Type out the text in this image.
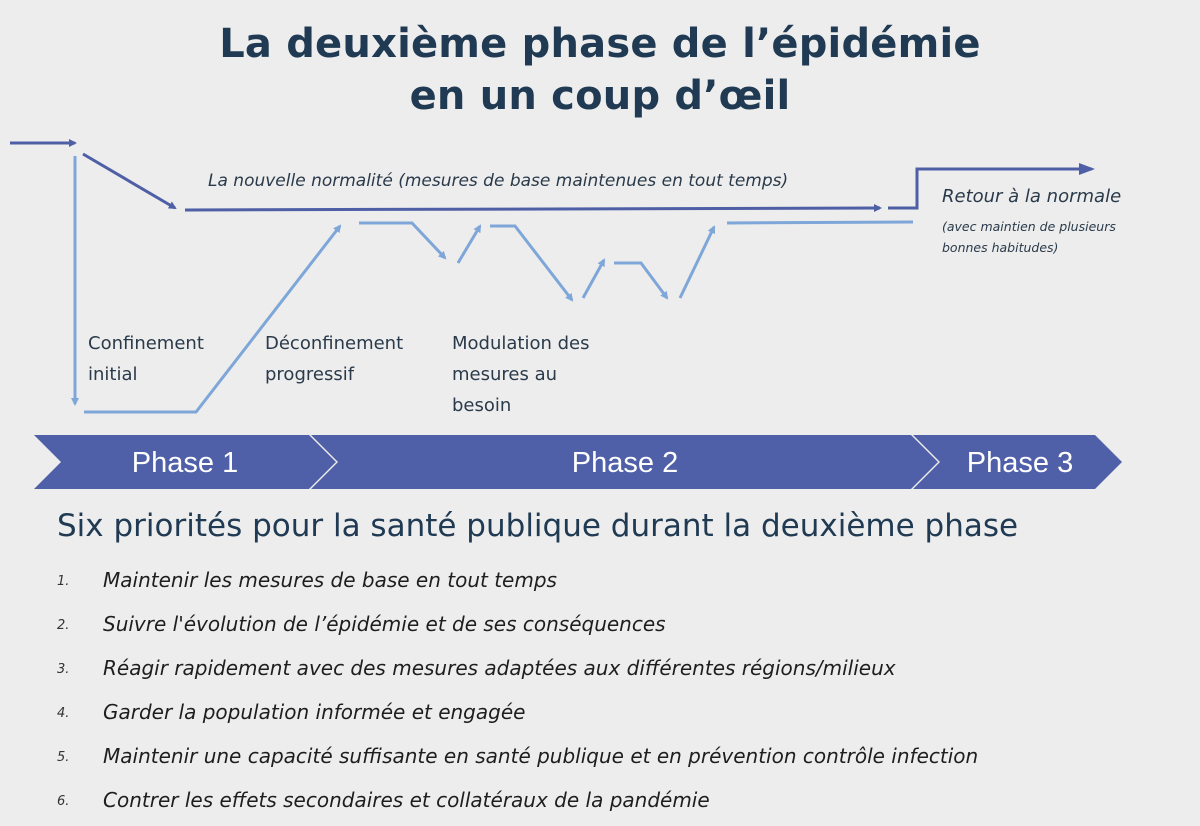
La deuxième phase de l’épidémie
en un coup d’œil
La nouvelle normalité (mesures de base maintenues en tout temps)
Retour à la normale
(avec maintien de plusieurs bonnes habitudes)
Confinement initial
Déconfinement progressif
Modulation des mesures au besoin
Phase 1	Phase 2	Phase 3
Six priorités pour la santé publique durant la deuxième phase
1. Maintenir les mesures de base en tout temps
2. Suivre l'évolution de l’épidémie et de ses conséquences
3. Réagir rapidement avec des mesures adaptées aux différentes régions/milieux
4. Garder la population informée et engagée
5. Maintenir une capacité suffisante en santé publique et en prévention contrôle infection
6. Contrer les effets secondaires et collatéraux de la pandémie
